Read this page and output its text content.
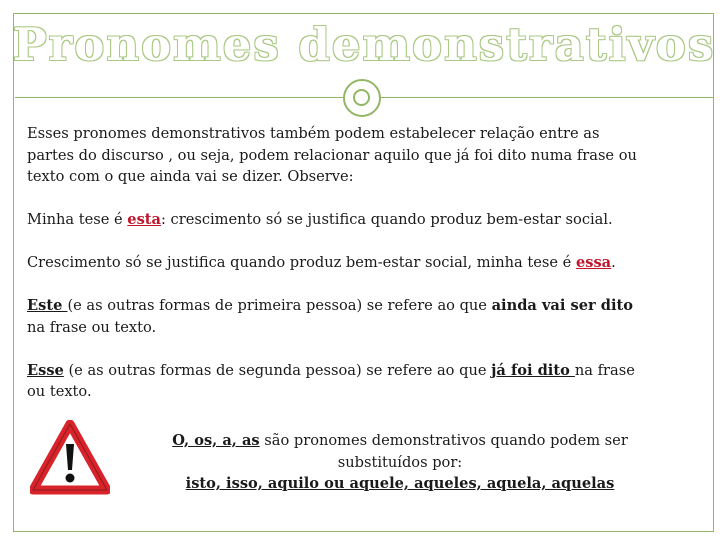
Pronomes demonstrativos

Esses pronomes demonstrativos também podem estabelecer relação entre as
partes do discurso , ou seja, podem relacionar aquilo que já foi dito numa frase ou
texto com o que ainda vai se dizer. Observe:

Minha tese é esta: crescimento só se justifica quando produz bem-estar social.

Crescimento só se justifica quando produz bem-estar social, minha tese é essa.

Este (e as outras formas de primeira pessoa) se refere ao que ainda vai ser dito
na frase ou texto.

Esse (e as outras formas de segunda pessoa) se refere ao que já foi dito na frase
ou texto.

O, os, a, as são pronomes demonstrativos quando podem ser

substituídos por:

isto, isso, aquilo ou aquele, aqueles, aquela, aquelas
